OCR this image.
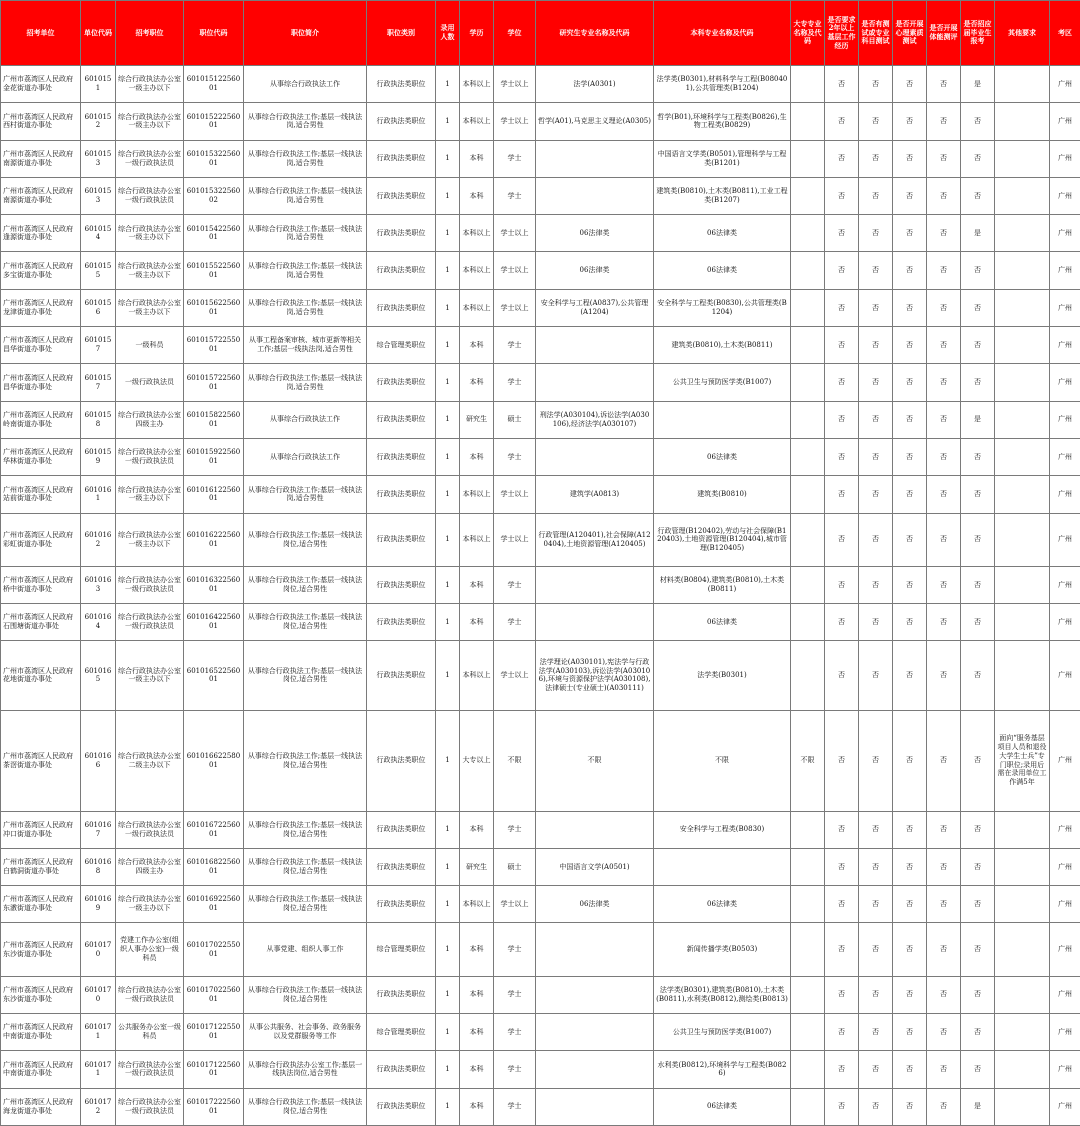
招考单位	单位代码	招考职位	职位代码	职位简介	职位类别	录用人数	学历	学位	研究生专业名称及代码	本科专业名称及代码	大专专业名称及代码	是否要求2年以上基层工作经历	是否有测试或专业科目测试	是否开展心理素质测试	是否开展体能测评	是否招应届毕业生报考	其他要求	考区
广州市荔湾区人民政府金花街道办事处	6010151	综合行政执法办公室一级主办以下	60101512256001	从事综合行政执法工作	行政执法类职位	1	本科以上	学士以上	法学(A0301)	法学类(B0301),材料科学与工程(B080401),公共管理类(B1204)		否	否	否	否	是		广州
广州市荔湾区人民政府西村街道办事处	6010152	综合行政执法办公室一级主办以下	60101522256001	从事综合行政执法工作;基层一线执法岗,适合男性	行政执法类职位	1	本科以上	学士以上	哲学(A01),马克思主义理论(A0305)	哲学(B01),环境科学与工程类(B0826),生物工程类(B0829)		否	否	否	否	否		广州
广州市荔湾区人民政府南源街道办事处	6010153	综合行政执法办公室一级行政执法员	60101532256001	从事综合行政执法工作;基层一线执法岗,适合男性	行政执法类职位	1	本科	学士		中国语言文学类(B0501),管理科学与工程类(B1201)		否	否	否	否	否		广州
广州市荔湾区人民政府南源街道办事处	6010153	综合行政执法办公室一级行政执法员	60101532256002	从事综合行政执法工作;基层一线执法岗,适合男性	行政执法类职位	1	本科	学士		建筑类(B0810),土木类(B0811),工业工程类(B1207)		否	否	否	否	否		广州
广州市荔湾区人民政府逢源街道办事处	6010154	综合行政执法办公室一级主办以下	60101542256001	从事综合行政执法工作;基层一线执法岗,适合男性	行政执法类职位	1	本科以上	学士以上	06法律类	06法律类		否	否	否	否	是		广州
广州市荔湾区人民政府多宝街道办事处	6010155	综合行政执法办公室一级主办以下	60101552256001	从事综合行政执法工作;基层一线执法岗,适合男性	行政执法类职位	1	本科以上	学士以上	06法律类	06法律类		否	否	否	否	否		广州
广州市荔湾区人民政府龙津街道办事处	6010156	综合行政执法办公室一级主办以下	60101562256001	从事综合行政执法工作;基层一线执法岗,适合男性	行政执法类职位	1	本科以上	学士以上	安全科学与工程(A0837),公共管理(A1204)	安全科学与工程类(B0830),公共管理类(B1204)		否	否	否	否	否		广州
广州市荔湾区人民政府昌华街道办事处	6010157	一级科员	60101572255001	从事工程备案审核、城市更新等相关工作;基层一线执法岗,适合男性	综合管理类职位	1	本科	学士		建筑类(B0810),土木类(B0811)		否	否	否	否	否		广州
广州市荔湾区人民政府昌华街道办事处	6010157	一级行政执法员	60101572256001	从事综合行政执法工作;基层一线执法岗,适合男性	行政执法类职位	1	本科	学士		公共卫生与预防医学类(B1007)		否	否	否	否	否		广州
广州市荔湾区人民政府岭南街道办事处	6010158	综合行政执法办公室四级主办	60101582256001	从事综合行政执法工作	行政执法类职位	1	研究生	硕士	刑法学(A030104),诉讼法学(A030106),经济法学(A030107)			否	否	否	否	是		广州
广州市荔湾区人民政府华林街道办事处	6010159	综合行政执法办公室一级行政执法员	60101592256001	从事综合行政执法工作	行政执法类职位	1	本科	学士		06法律类		否	否	否	否	否		广州
广州市荔湾区人民政府站前街道办事处	6010161	综合行政执法办公室一级主办以下	60101612256001	从事综合行政执法工作;基层一线执法岗,适合男性	行政执法类职位	1	本科以上	学士以上	建筑学(A0813)	建筑类(B0810)		否	否	否	否	否		广州
广州市荔湾区人民政府彩虹街道办事处	6010162	综合行政执法办公室一级主办以下	60101622256001	从事综合行政执法工作;基层一线执法岗位,适合男性	行政执法类职位	1	本科以上	学士以上	行政管理(A120401),社会保障(A120404),土地资源管理(A120405)	行政管理(B120402),劳动与社会保障(B120403),土地资源管理(B120404),城市管理(B120405)		否	否	否	否	否		广州
广州市荔湾区人民政府桥中街道办事处	6010163	综合行政执法办公室一级行政执法员	60101632256001	从事综合行政执法工作;基层一线执法岗位,适合男性	行政执法类职位	1	本科	学士		材料类(B0804),建筑类(B0810),土木类(B0811)		否	否	否	否	否		广州
广州市荔湾区人民政府石围塘街道办事处	6010164	综合行政执法办公室一级行政执法员	60101642256001	从事综合行政执法工作;基层一线执法岗位,适合男性	行政执法类职位	1	本科	学士		06法律类		否	否	否	否	否		广州
广州市荔湾区人民政府花地街道办事处	6010165	综合行政执法办公室一级主办以下	60101652256001	从事综合行政执法工作;基层一线执法岗位,适合男性	行政执法类职位	1	本科以上	学士以上	法学理论(A030101),宪法学与行政法学(A030103),诉讼法学(A030106),环境与资源保护法学(A030108),法律硕士(专业硕士)(A030111)	法学类(B0301)		否	否	否	否	否		广州
广州市荔湾区人民政府茶滘街道办事处	6010166	综合行政执法办公室二级主办以下	60101662258001	从事综合行政执法工作;基层一线执法岗位,适合男性	行政执法类职位	1	大专以上	不限	不限	不限	不限	否	否	否	否	否	面向“服务基层项目人员和退役大学生士兵”专门职位;录用后需在录用单位工作满5年	广州
广州市荔湾区人民政府冲口街道办事处	6010167	综合行政执法办公室一级行政执法员	60101672256001	从事综合行政执法工作;基层一线执法岗位,适合男性	行政执法类职位	1	本科	学士		安全科学与工程类(B0830)		否	否	否	否	否		广州
广州市荔湾区人民政府白鹤洞街道办事处	6010168	综合行政执法办公室四级主办	60101682256001	从事综合行政执法工作;基层一线执法岗位,适合男性	行政执法类职位	1	研究生	硕士	中国语言文学(A0501)			否	否	否	否	否		广州
广州市荔湾区人民政府东漖街道办事处	6010169	综合行政执法办公室一级主办以下	60101692256001	从事综合行政执法工作;基层一线执法岗位,适合男性	行政执法类职位	1	本科以上	学士以上	06法律类	06法律类		否	否	否	否	否		广州
广州市荔湾区人民政府东沙街道办事处	6010170	党建工作办公室(组织人事办公室)一级科员	60101702255001	从事党建、组织人事工作	综合管理类职位	1	本科	学士		新闻传播学类(B0503)		否	否	否	否	否		广州
广州市荔湾区人民政府东沙街道办事处	6010170	综合行政执法办公室一级行政执法员	60101702256001	从事综合行政执法工作;基层一线执法岗位,适合男性	行政执法类职位	1	本科	学士		法学类(B0301),建筑类(B0810),土木类(B0811),水利类(B0812),测绘类(B0813)		否	否	否	否	否		广州
广州市荔湾区人民政府中南街道办事处	6010171	公共服务办公室一级科员	60101712255001	从事公共服务、社会事务、政务服务以及党群服务等工作	综合管理类职位	1	本科	学士		公共卫生与预防医学类(B1007)		否	否	否	否	否		广州
广州市荔湾区人民政府中南街道办事处	6010171	综合行政执法办公室一级行政执法员	60101712256001	从事综合行政执法办公室工作;基层一线执法岗位,适合男性	行政执法类职位	1	本科	学士		水利类(B0812),环境科学与工程类(B0826)		否	否	否	否	否		广州
广州市荔湾区人民政府海龙街道办事处	6010172	综合行政执法办公室一级行政执法员	60101722256001	从事综合行政执法工作;基层一线执法岗位,适合男性	行政执法类职位	1	本科	学士		06法律类		否	否	否	否	是		广州
